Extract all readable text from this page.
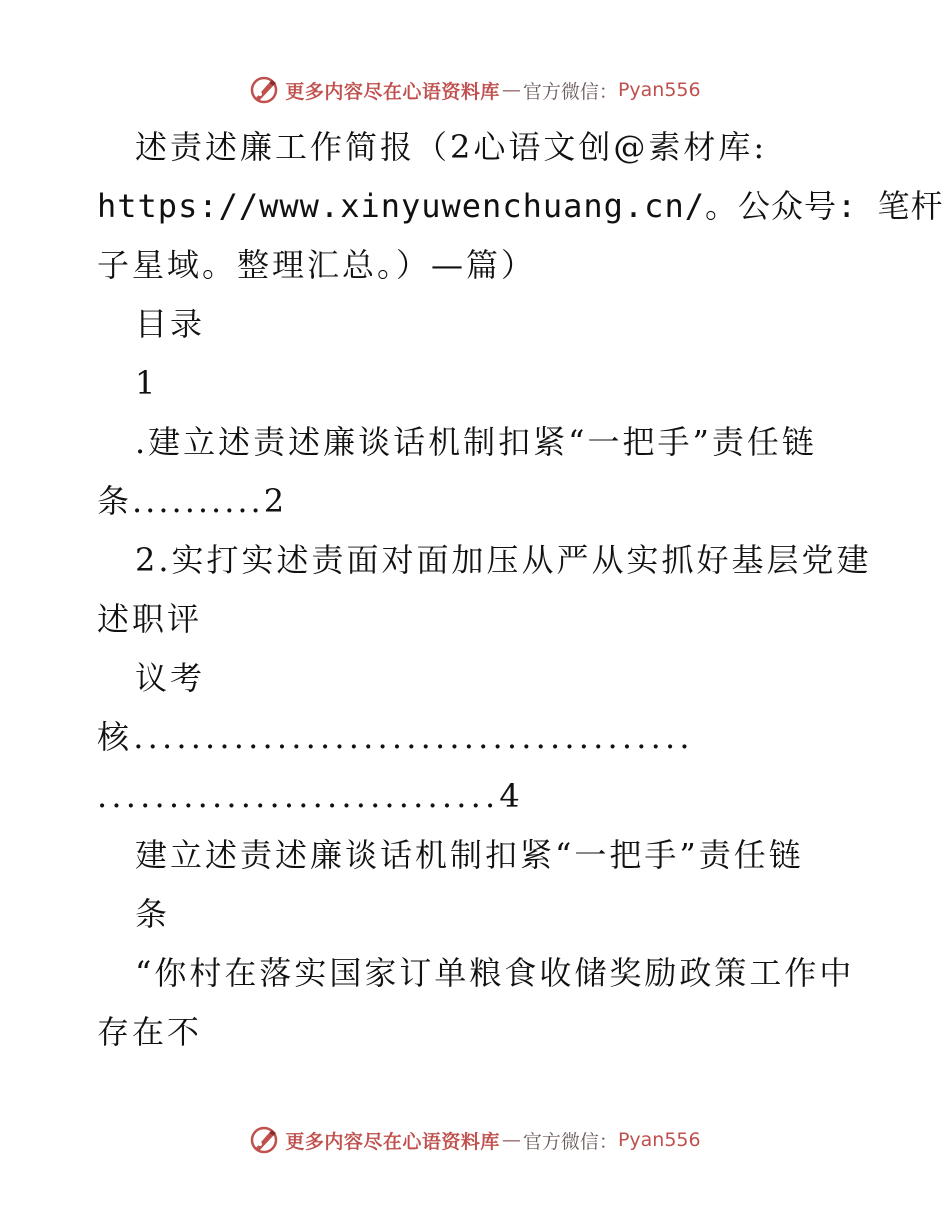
更多内容尽在心语资料库 — 官方微信： Pyan556
述责述廉工作简报（2心语文创@素材库:
https://www.xinyuwenchuang.cn/。公众号: 笔杆
子星域。整理汇总。）—篇）
目录
1
.建立述责述廉谈话机制扣紧“一把手”责任链
条..........2
2.实打实述责面对面加压从严从实抓好基层党建
述职评
议考
核.......................................
............................4
建立述责述廉谈话机制扣紧“一把手”责任链
条
“你村在落实国家订单粮食收储奖励政策工作中
存在不
更多内容尽在心语资料库 — 官方微信： Pyan556
